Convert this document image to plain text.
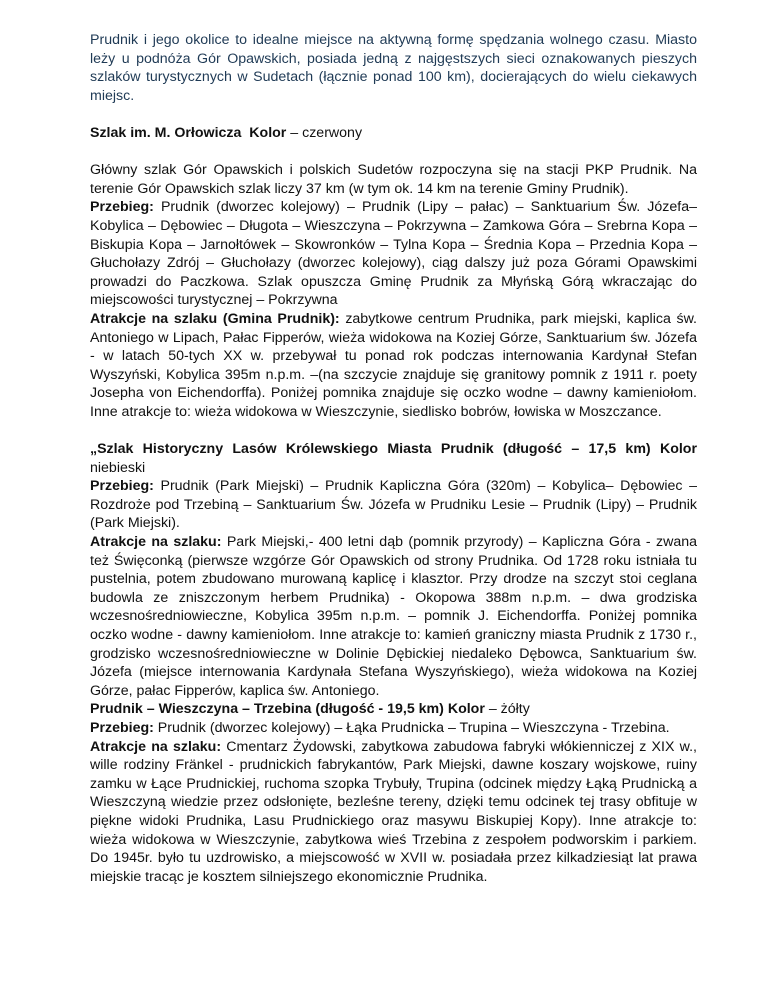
Prudnik i jego okolice to idealne miejsce na aktywną formę spędzania wolnego czasu. Miasto leży u podnóża Gór Opawskich, posiada jedną z najgęstszych sieci oznakowanych pieszych szlaków turystycznych w Sudetach (łącznie ponad 100 km), docierających do wielu ciekawych miejsc.

Szlak im. M. Orłowicza Kolor – czerwony

Główny szlak Gór Opawskich i polskich Sudetów rozpoczyna się na stacji PKP Prudnik. Na terenie Gór Opawskich szlak liczy 37 km (w tym ok. 14 km na terenie Gminy Prudnik).

Przebieg: Prudnik (dworzec kolejowy) – Prudnik (Lipy – pałac) – Sanktuarium Św. Józefa– Kobylica – Dębowiec – Długota – Wieszczyna – Pokrzywna – Zamkowa Góra – Srebrna Kopa – Biskupia Kopa – Jarnołtówek – Skowronków – Tylna Kopa – Średnia Kopa – Przednia Kopa – Głuchołazy Zdrój – Głuchołazy (dworzec kolejowy), ciąg dalszy już poza Górami Opawskimi prowadzi do Paczkowa. Szlak opuszcza Gminę Prudnik za Młyńską Górą wkraczając do miejscowości turystycznej – Pokrzywna

Atrakcje na szlaku (Gmina Prudnik): zabytkowe centrum Prudnika, park miejski, kaplica św. Antoniego w Lipach, Pałac Fipperów, wieża widokowa na Koziej Górze, Sanktuarium św. Józefa - w latach 50-tych XX w. przebywał tu ponad rok podczas internowania Kardynał Stefan Wyszyński, Kobylica 395m n.p.m. –(na szczycie znajduje się granitowy pomnik z 1911 r. poety Josepha von Eichendorffa). Poniżej pomnika znajduje się oczko wodne – dawny kamieniołom. Inne atrakcje to: wieża widokowa w Wieszczynie, siedlisko bobrów, łowiska w Moszczance.

„Szlak Historyczny Lasów Królewskiego Miasta Prudnik (długość – 17,5 km) Kolor niebieski

Przebieg: Prudnik (Park Miejski) – Prudnik Kapliczna Góra (320m) – Kobylica– Dębowiec – Rozdroże pod Trzebiną – Sanktuarium Św. Józefa w Prudniku Lesie – Prudnik (Lipy) – Prudnik (Park Miejski).

Atrakcje na szlaku: Park Miejski,- 400 letni dąb (pomnik przyrody) – Kapliczna Góra - zwana też Święconką (pierwsze wzgórze Gór Opawskich od strony Prudnika. Od 1728 roku istniała tu pustelnia, potem zbudowano murowaną kaplicę i klasztor. Przy drodze na szczyt stoi ceglana budowla ze zniszczonym herbem Prudnika) - Okopowa 388m n.p.m. – dwa grodziska wczesnośredniowieczne, Kobylica 395m n.p.m. – pomnik J. Eichendorffa. Poniżej pomnika oczko wodne - dawny kamieniołom. Inne atrakcje to: kamień graniczny miasta Prudnik z 1730 r., grodzisko wczesnośredniowieczne w Dolinie Dębickiej niedaleko Dębowca, Sanktuarium św. Józefa (miejsce internowania Kardynała Stefana Wyszyńskiego), wieża widokowa na Koziej Górze, pałac Fipperów, kaplica św. Antoniego.

Prudnik – Wieszczyna – Trzebina (długość - 19,5 km) Kolor – żółty

Przebieg: Prudnik (dworzec kolejowy) – Łąka Prudnicka – Trupina – Wieszczyna - Trzebina.

Atrakcje na szlaku: Cmentarz Żydowski, zabytkowa zabudowa fabryki włókienniczej z XIX w., wille rodziny Fränkel - prudnickich fabrykantów, Park Miejski, dawne koszary wojskowe, ruiny zamku w Łące Prudnickiej, ruchoma szopka Trybuły, Trupina (odcinek między Łąką Prudnicką a Wieszczyną wiedzie przez odsłonięte, bezleśne tereny, dzięki temu odcinek tej trasy obfituje w piękne widoki Prudnika, Lasu Prudnickiego oraz masywu Biskupiej Kopy). Inne atrakcje to: wieża widokowa w Wieszczynie, zabytkowa wieś Trzebina z zespołem podworskim i parkiem. Do 1945r. było tu uzdrowisko, a miejscowość w XVII w. posiadała przez kilkadziesiąt lat prawa miejskie tracąc je kosztem silniejszego ekonomicznie Prudnika.
